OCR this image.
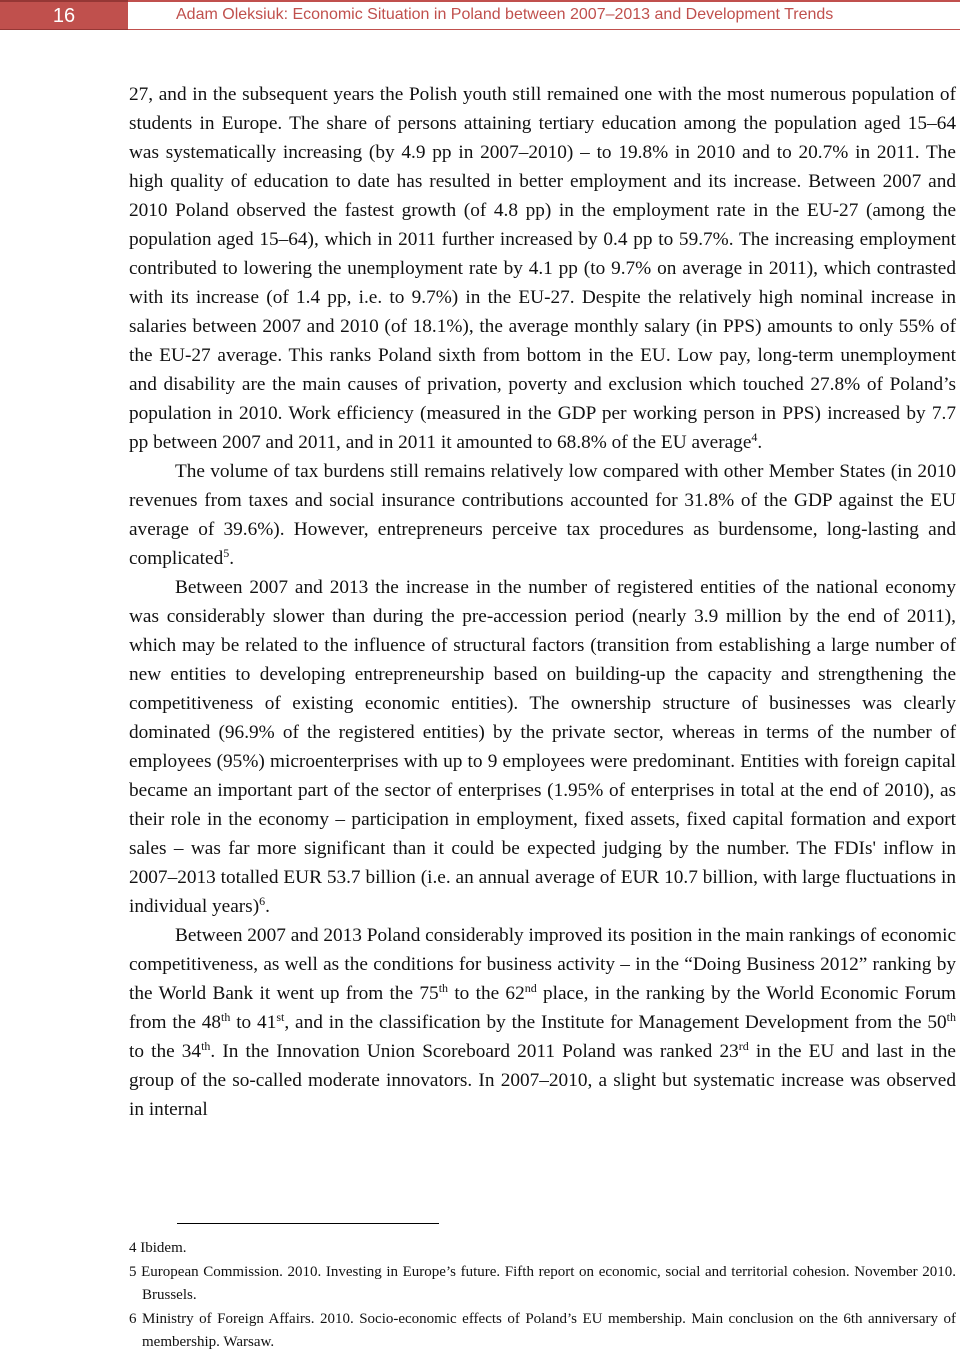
16	Adam Oleksiuk: Economic Situation in Poland between 2007–2013 and Development Trends

27, and in the subsequent years the Polish youth still remained one with the most numerous population of students in Europe. The share of persons attaining tertiary education among the population aged 15–64 was systematically increasing (by 4.9 pp in 2007–2010) – to 19.8% in 2010 and to 20.7% in 2011. The high quality of education to date has resulted in better employment and its increase. Between 2007 and 2010 Poland observed the fastest growth (of 4.8 pp) in the employment rate in the EU-27 (among the population aged 15–64), which in 2011 further increased by 0.4 pp to 59.7%. The increasing employment contributed to lowering the unemployment rate by 4.1 pp (to 9.7% on average in 2011), which contrasted with its increase (of 1.4 pp, i.e. to 9.7%) in the EU-27. Despite the relatively high nominal increase in salaries between 2007 and 2010 (of 18.1%), the average monthly salary (in PPS) amounts to only 55% of the EU-27 average. This ranks Poland sixth from bottom in the EU. Low pay, long-term unemployment and disability are the main causes of privation, poverty and exclusion which touched 27.8% of Poland’s population in 2010. Work efficiency (measured in the GDP per working person in PPS) increased by 7.7 pp between 2007 and 2011, and in 2011 it amounted to 68.8% of the EU average$^4$.

The volume of tax burdens still remains relatively low compared with other Member States (in 2010 revenues from taxes and social insurance contributions accounted for 31.8% of the GDP against the EU average of 39.6%). However, entrepreneurs perceive tax procedures as burdensome, long-lasting and complicated$^5$.

Between 2007 and 2013 the increase in the number of registered entities of the national economy was considerably slower than during the pre-accession period (nearly 3.9 million by the end of 2011), which may be related to the influence of structural factors (transition from establishing a large number of new entities to developing entrepreneurship based on building-up the capacity and strengthening the competitiveness of existing economic entities). The ownership structure of businesses was clearly dominated (96.9% of the registered entities) by the private sector, whereas in terms of the number of employees (95%) microenterprises with up to 9 employees were predominant. Entities with foreign capital became an important part of the sector of enterprises (1.95% of enterprises in total at the end of 2010), as their role in the economy – participation in employment, fixed assets, fixed capital formation and export sales – was far more significant than it could be expected judging by the number. The FDIs' inflow in 2007–2013 totalled EUR 53.7 billion (i.e. an annual average of EUR 10.7 billion, with large fluctuations in individual years)$^6$.

Between 2007 and 2013 Poland considerably improved its position in the main rankings of economic competitiveness, as well as the conditions for business activity – in the “Doing Business 2012” ranking by the World Bank it went up from the 75th to the 62nd place, in the ranking by the World Economic Forum from the 48th to 41st, and in the classification by the Institute for Management Development from the 50th to the 34th. In the Innovation Union Scoreboard 2011 Poland was ranked 23rd in the EU and last in the group of the so-called moderate innovators. In 2007–2010, a slight but systematic increase was observed in internal

4 Ibidem.

5 European Commission. 2010. Investing in Europe’s future. Fifth report on economic, social and territorial cohesion. November 2010. Brussels.

6 Ministry of Foreign Affairs. 2010. Socio-economic effects of Poland’s EU membership. Main conclusion on the 6th anniversary of membership. Warsaw.
